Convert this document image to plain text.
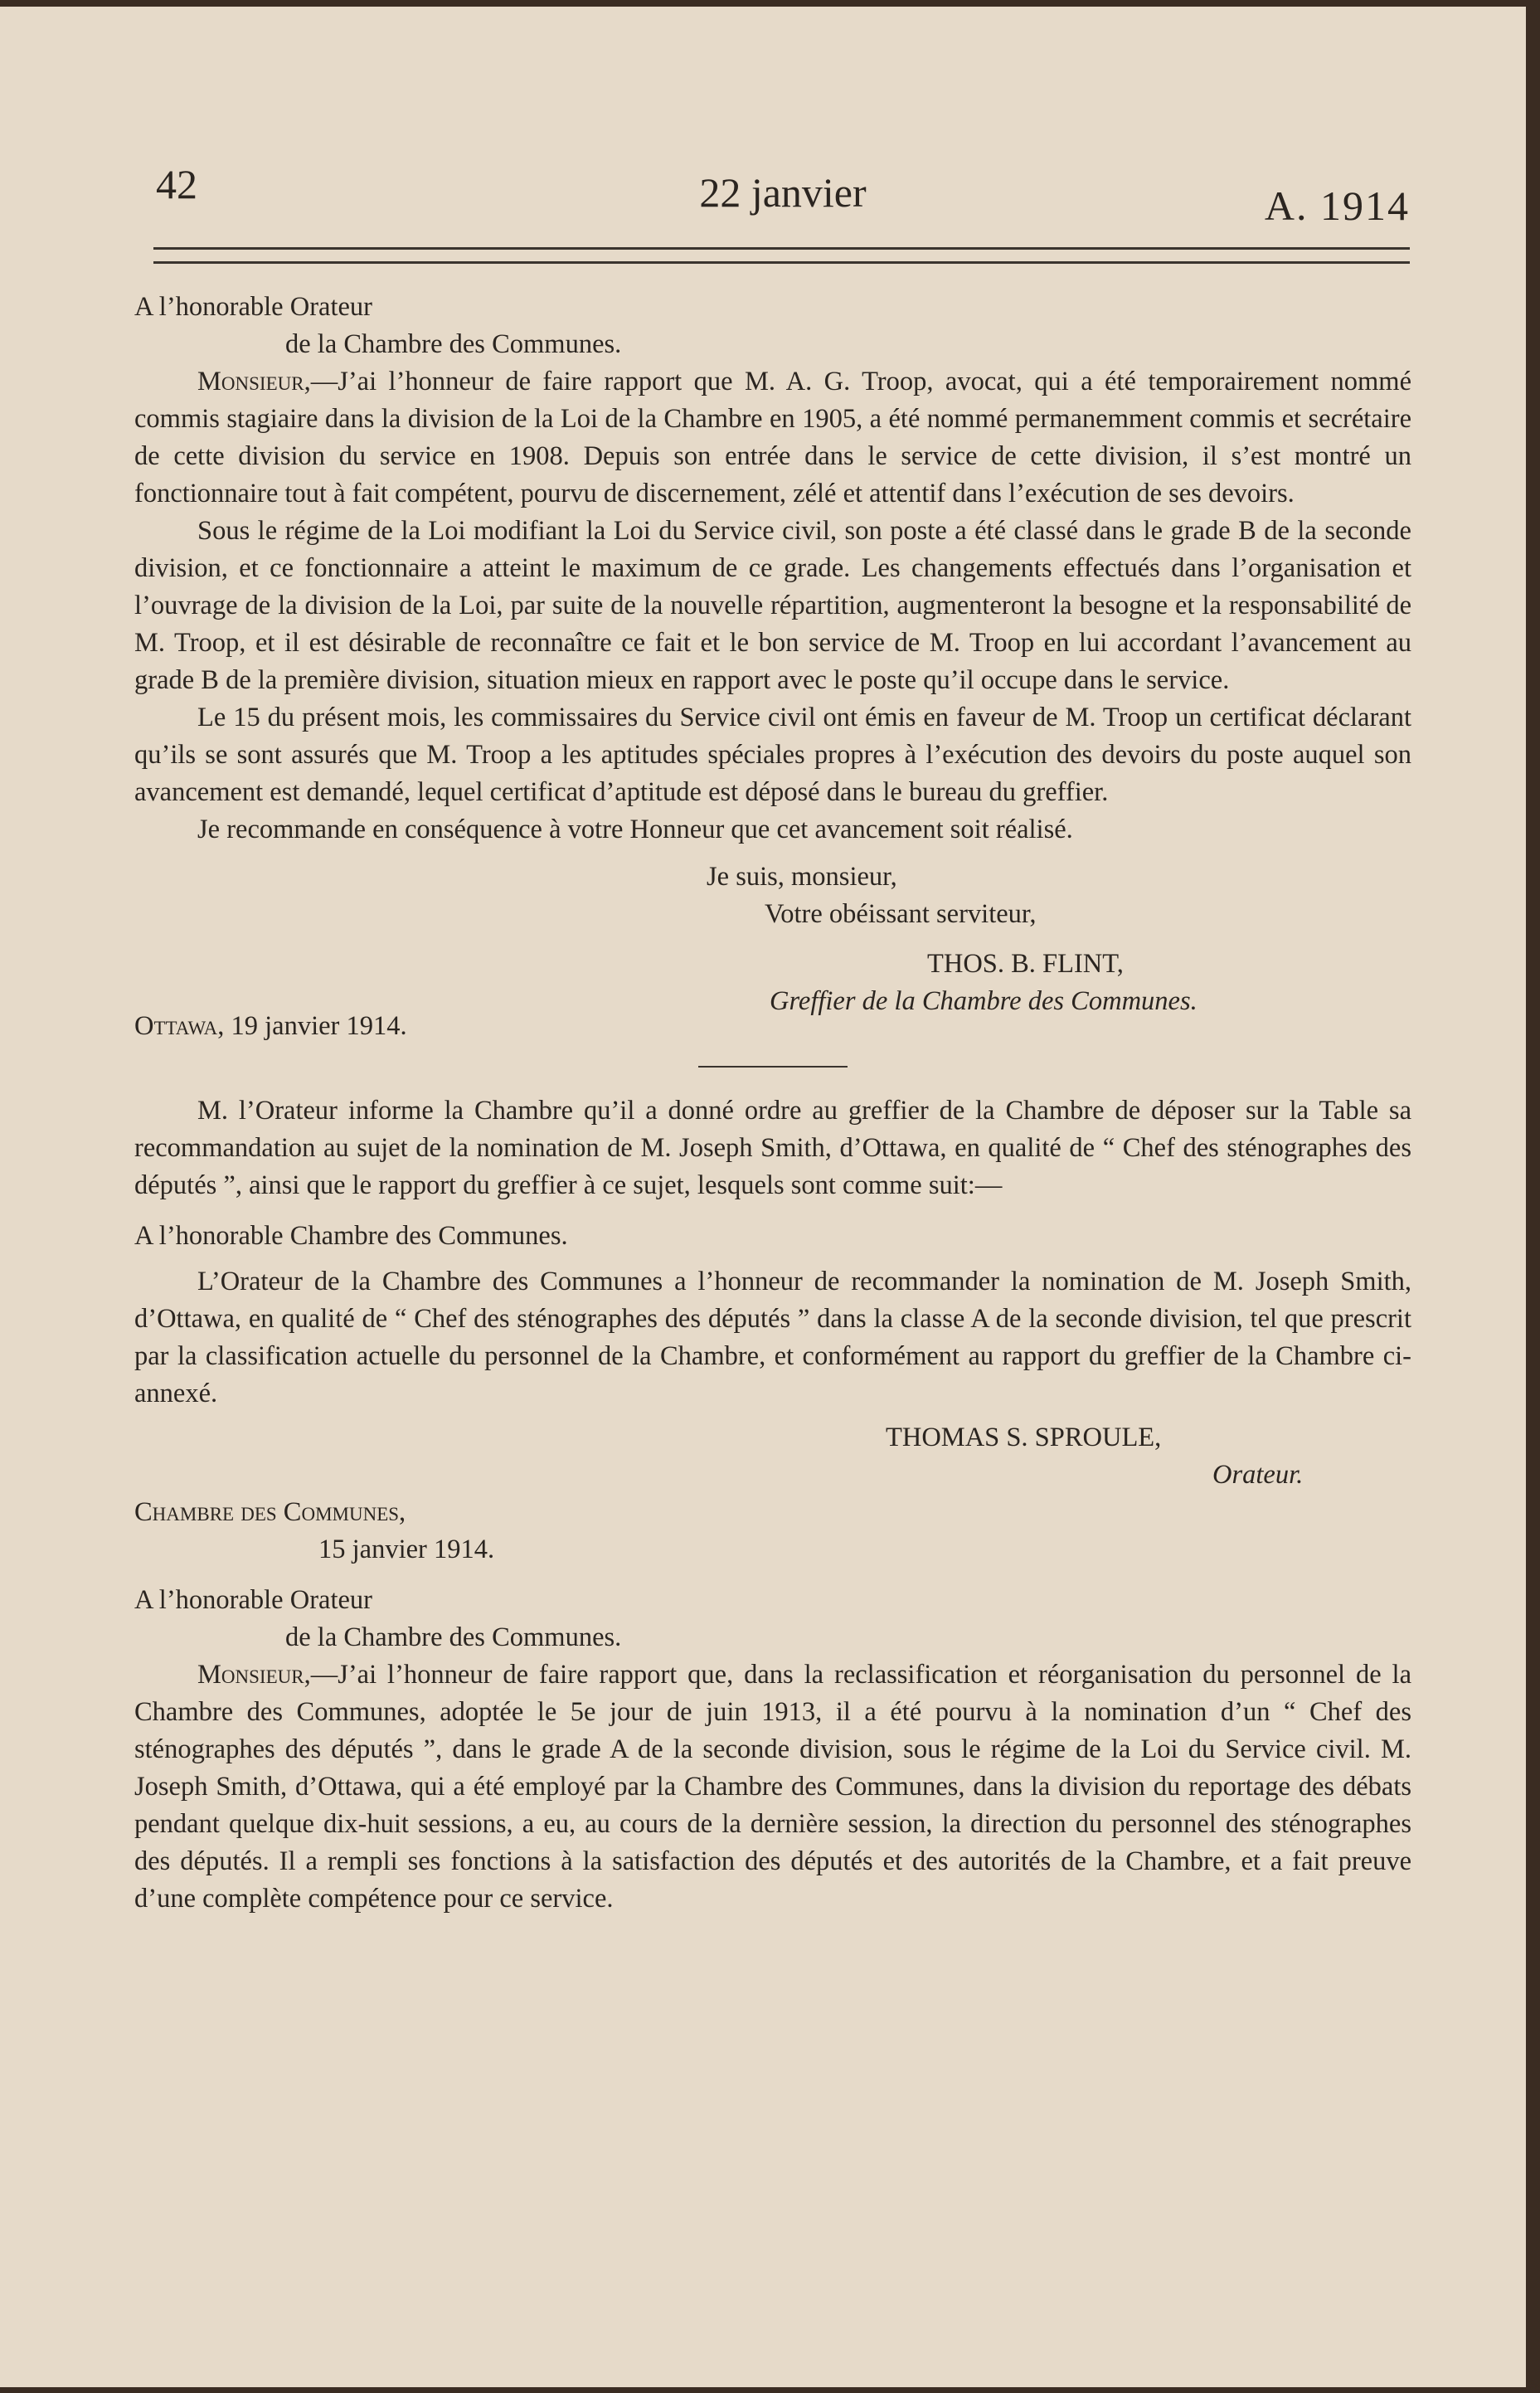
42	22 janvier	A. 1914

A l’honorable Orateur

de la Chambre des Communes.

Monsieur,—J’ai l’honneur de faire rapport que M. A. G. Troop, avocat, qui a été temporairement nommé commis stagiaire dans la division de la Loi de la Chambre en 1905, a été nommé permanemment commis et secrétaire de cette division du service en 1908. Depuis son entrée dans le service de cette division, il s’est montré un fonctionnaire tout à fait compétent, pourvu de discernement, zélé et attentif dans l’exécution de ses devoirs.

Sous le régime de la Loi modifiant la Loi du Service civil, son poste a été classé dans le grade B de la seconde division, et ce fonctionnaire a atteint le maximum de ce grade. Les changements effectués dans l’organisation et l’ouvrage de la division de la Loi, par suite de la nouvelle répartition, augmenteront la besogne et la responsabilité de M. Troop, et il est désirable de reconnaître ce fait et le bon service de M. Troop en lui accordant l’avancement au grade B de la première division, situation mieux en rapport avec le poste qu’il occupe dans le service.

Le 15 du présent mois, les commissaires du Service civil ont émis en faveur de M. Troop un certificat déclarant qu’ils se sont assurés que M. Troop a les aptitudes spéciales propres à l’exécution des devoirs du poste auquel son avancement est demandé, lequel certificat d’aptitude est déposé dans le bureau du greffier.

Je recommande en conséquence à votre Honneur que cet avancement soit réalisé.

Je suis, monsieur,
Votre obéissant serviteur,
THOS. B. FLINT,
Greffier de la Chambre des Communes.
Ottawa, 19 janvier 1914.

M. l’Orateur informe la Chambre qu’il a donné ordre au greffier de la Chambre de déposer sur la Table sa recommandation au sujet de la nomination de M. Joseph Smith, d’Ottawa, en qualité de “ Chef des sténographes des députés ”, ainsi que le rapport du greffier à ce sujet, lesquels sont comme suit:—

A l’honorable Chambre des Communes.

L’Orateur de la Chambre des Communes a l’honneur de recommander la nomination de M. Joseph Smith, d’Ottawa, en qualité de “ Chef des sténographes des députés ” dans la classe A de la seconde division, tel que prescrit par la classification actuelle du personnel de la Chambre, et conformément au rapport du greffier de la Chambre ci-annexé.

THOMAS S. SPROULE,
Orateur.
Chambre des Communes,
15 janvier 1914.

A l’honorable Orateur

de la Chambre des Communes.

Monsieur,—J’ai l’honneur de faire rapport que, dans la reclassification et réorganisation du personnel de la Chambre des Communes, adoptée le 5e jour de juin 1913, il a été pourvu à la nomination d’un “ Chef des sténographes des députés ”, dans le grade A de la seconde division, sous le régime de la Loi du Service civil. M. Joseph Smith, d’Ottawa, qui a été employé par la Chambre des Communes, dans la division du reportage des débats pendant quelque dix-huit sessions, a eu, au cours de la dernière session, la direction du personnel des sténographes des députés. Il a rempli ses fonctions à la satisfaction des députés et des autorités de la Chambre, et a fait preuve d’une complète compétence pour ce service.
